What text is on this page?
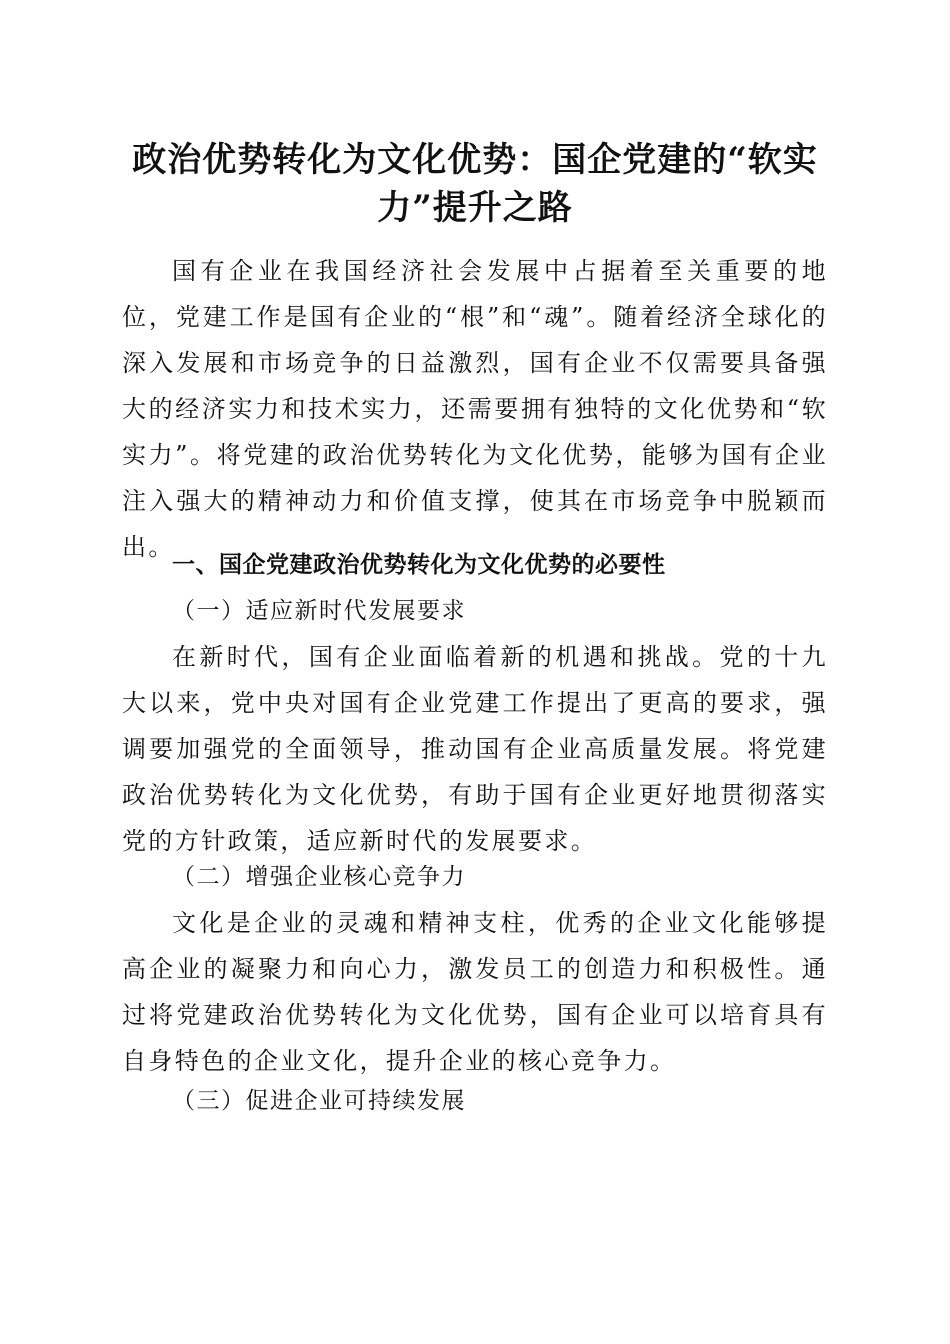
政治优势转化为文化优势：国企党建的“软实力”提升之路

国有企业在我国经济社会发展中占据着至关重要的地位，党建工作是国有企业的“根”和“魂”。随着经济全球化的深入发展和市场竞争的日益激烈，国有企业不仅需要具备强大的经济实力和技术实力，还需要拥有独特的文化优势和“软实力”。将党建的政治优势转化为文化优势，能够为国有企业注入强大的精神动力和价值支撑，使其在市场竞争中脱颖而出。

一、国企党建政治优势转化为文化优势的必要性
（一）适应新时代发展要求

在新时代，国有企业面临着新的机遇和挑战。党的十九大以来，党中央对国有企业党建工作提出了更高的要求，强调要加强党的全面领导，推动国有企业高质量发展。将党建政治优势转化为文化优势，有助于国有企业更好地贯彻落实党的方针政策，适应新时代的发展要求。

（二）增强企业核心竞争力

文化是企业的灵魂和精神支柱，优秀的企业文化能够提高企业的凝聚力和向心力，激发员工的创造力和积极性。通过将党建政治优势转化为文化优势，国有企业可以培育具有自身特色的企业文化，提升企业的核心竞争力。

（三）促进企业可持续发展
